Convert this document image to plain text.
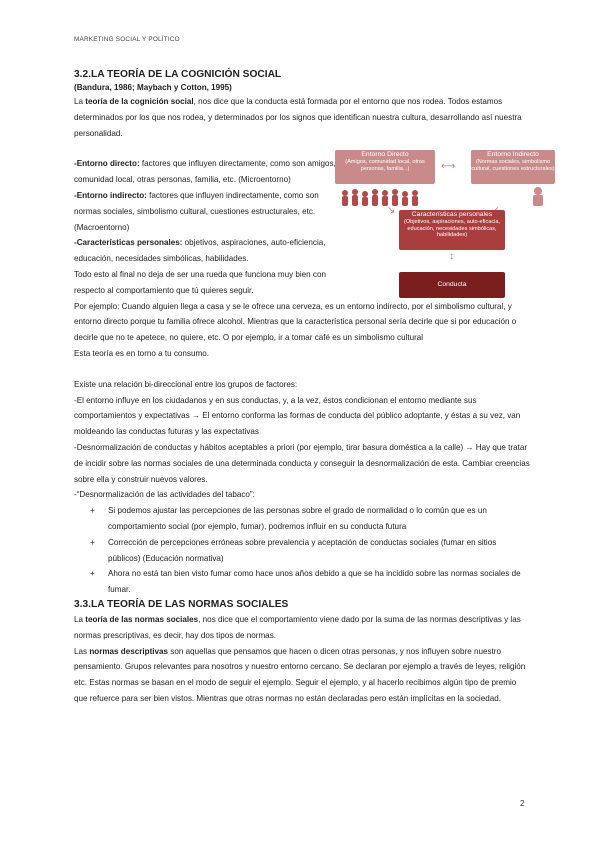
MARKETING SOCIAL Y POLÍTICO
Entorno Directo
(Amigos, comunidad local, otras personas, familia...)	⟷
Entorno Indirecto
(Normas sociales, simbolismo cultural, cuestiones estructurales)
↘	Características personales
(Objetivos, aspiraciones, auto-eficacia, educación, necesidades simbólicas, habilidades)
↕
Conducta

3.2.LA TEORÍA DE LA COGNICIÓN SOCIAL

(Bandura, 1986; Maybach y Cotton, 1995)

La teoría de la cognición social, nos dice que la conducta está formada por el entorno que nos rodea. Todos estamos determinados por los que nos rodea, y determinados por los signos que identifican nuestra cultura, desarrollando así nuestra personalidad.

-Entorno directo: factores que influyen directamente, como son amigos, comunidad local, otras personas, familia, etc. (Microentorno)

-Entorno indirecto: factores que influyen indirectamente, como son normas sociales, simbolismo cultural, cuestiones estructurales, etc. (Macroentorno)

-Características personales: objetivos, aspiraciones, auto-eficiencia, educación, necesidades simbólicas, habilidades.

Todo esto al final no deja de ser una rueda que funciona muy bien con respecto al comportamiento que tú quieres seguir.

Por ejemplo: Cuando alguien llega a casa y se le ofrece una cerveza, es un entorno indirecto, por el simbolismo cultural, y entorno directo porque tu familia ofrece alcohol. Mientras que la característica personal sería decirle que si por educación o decirle que no te apetece, no quiere, etc. O por ejemplo, ir a tomar café es un simbolismo cultural

Esta teoría es en torno a tu consumo.

Existe una relación bi-direccional entre los grupos de factores:

-El entorno influye en los ciudadanos y en sus conductas, y, a la vez, éstos condicionan el entorno mediante sus comportamientos y expectativas → El entorno conforma las formas de conducta del público adoptante, y éstas a su vez, van moldeando las conductas futuras y las expectativas

-Desnormalización de conductas y hábitos aceptables a priori (por ejemplo, tirar basura doméstica a la calle) → Hay que tratar de incidir sobre las normas sociales de una determinada conducta y conseguir la desnormalización de esta. Cambiar creencias sobre ella y construir nuevos valores.

-“Desnormalización de las actividades del tabaco”:

+ Si podemos ajustar las percepciones de las personas sobre el grado de normalidad o lo común que es un comportamiento social (por ejemplo, fumar), podremos influir en su conducta futura
+ Corrección de percepciones erróneas sobre prevalencia y aceptación de conductas sociales (fumar en sitios públicos) (Educación normativa)
+ Ahora no está tan bien visto fumar como hace unos años debido a que se ha incidido sobre las normas sociales de fumar.

3.3.LA TEORÍA DE LAS NORMAS SOCIALES

La teoría de las normas sociales, nos dice que el comportamiento viene dado por la suma de las normas descriptivas y las normas prescriptivas, es decir, hay dos tipos de normas.

Las normas descriptivas son aquellas que pensamos que hacen o dicen otras personas, y nos influyen sobre nuestro pensamiento. Grupos relevantes para nosotros y nuestro entorno cercano. Se declaran por ejemplo a través de leyes, religión etc. Estas normas se basan en el modo de seguir el ejemplo. Seguir el ejemplo, y al hacerlo recibimos algún tipo de premio que refuerce para ser bien vistos. Mientras que otras normas no están declaradas pero están implícitas en la sociedad.

2
